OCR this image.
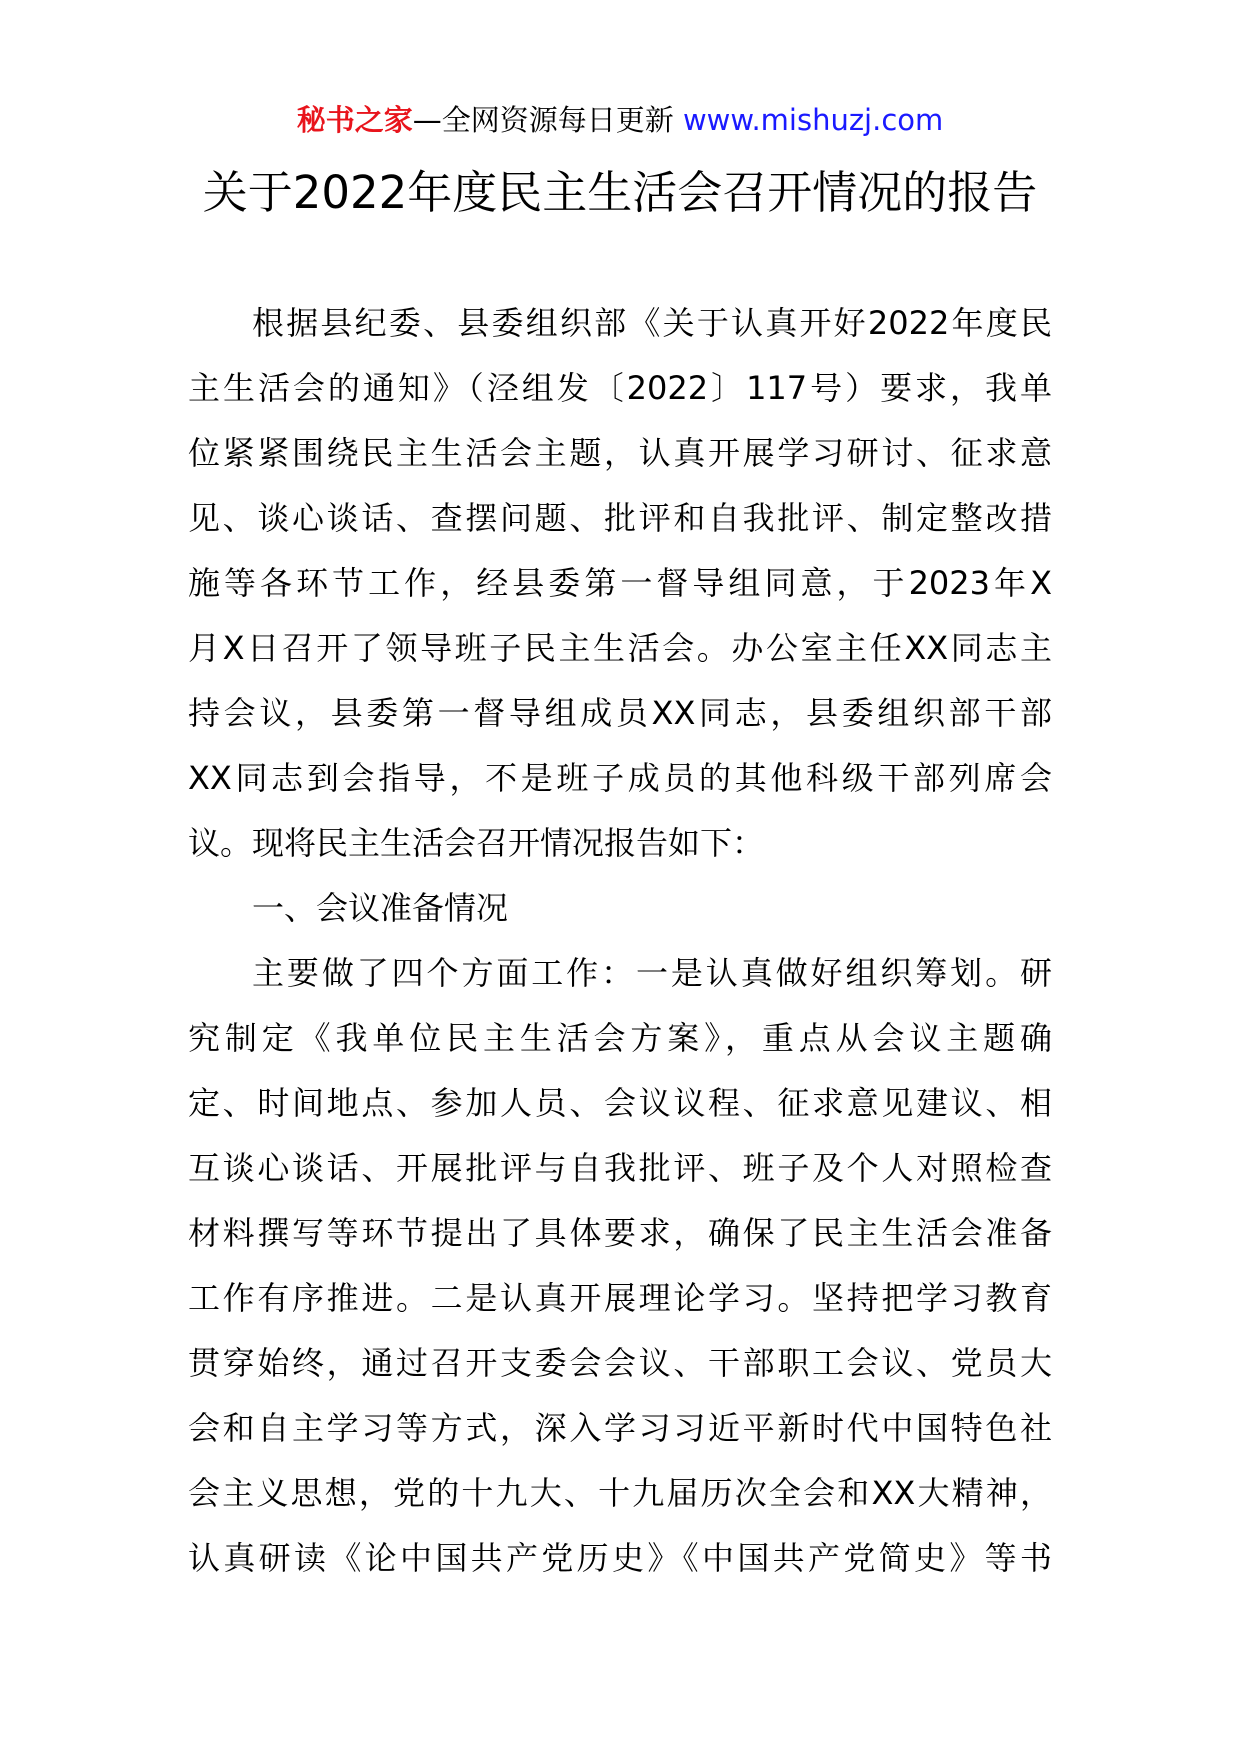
秘书之家—全网资源每日更新 www.mishuzj.com
关于2022年度民主生活会召开情况的报告

根据县纪委、县委组织部《关于认真开好2022年度民
主生活会的通知》（泾组发〔2022〕117号）要求，我单
位紧紧围绕民主生活会主题，认真开展学习研讨、征求意
见、谈心谈话、查摆问题、批评和自我批评、制定整改措
施等各环节工作，经县委第一督导组同意，于2023年X
月X日召开了领导班子民主生活会。办公室主任XX同志主
持会议，县委第一督导组成员XX同志，县委组织部干部
XX同志到会指导，不是班子成员的其他科级干部列席会
议。现将民主生活会召开情况报告如下：

一、会议准备情况

主要做了四个方面工作：一是认真做好组织筹划。研
究制定《我单位民主生活会方案》，重点从会议主题确
定、时间地点、参加人员、会议议程、征求意见建议、相
互谈心谈话、开展批评与自我批评、班子及个人对照检查
材料撰写等环节提出了具体要求，确保了民主生活会准备
工作有序推进。二是认真开展理论学习。坚持把学习教育
贯穿始终，通过召开支委会会议、干部职工会议、党员大
会和自主学习等方式，深入学习习近平新时代中国特色社
会主义思想，党的十九大、十九届历次全会和XX大精神，
认真研读《论中国共产党历史》《中国共产党简史》等书
